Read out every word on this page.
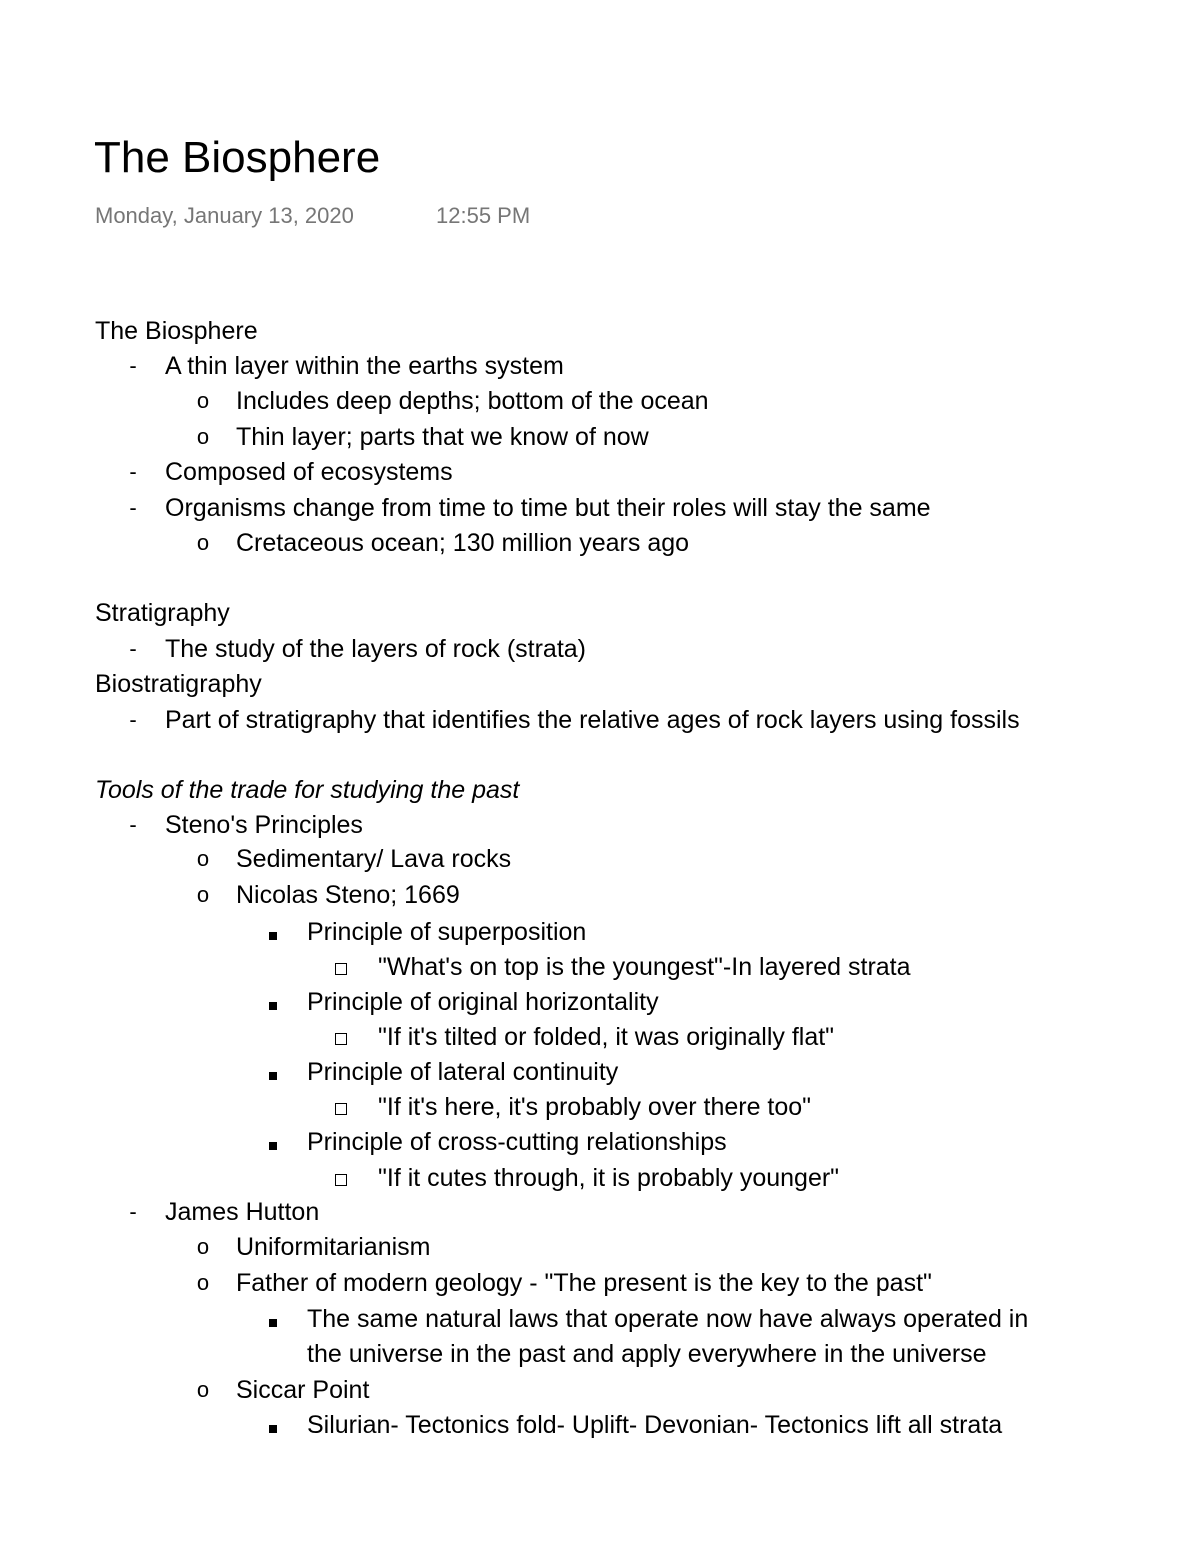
The Biosphere
Monday, January 13, 2020	12:55 PM
The Biosphere
-	A thin layer within the earths system
o	Includes deep depths; bottom of the ocean
o	Thin layer; parts that we know of now
-	Composed of ecosystems
-	Organisms change from time to time but their roles will stay the same
o	Cretaceous ocean; 130 million years ago
Stratigraphy
-	The study of the layers of rock (strata)
Biostratigraphy
-	Part of stratigraphy that identifies the relative ages of rock layers using fossils
Tools of the trade for studying the past
-	Steno's Principles
o	Sedimentary/ Lava rocks
o	Nicolas Steno; 1669
Principle of superposition
"What's on top is the youngest"-In layered strata
Principle of original horizontality
"If it's tilted or folded, it was originally flat"
Principle of lateral continuity
"If it's here, it's probably over there too"
Principle of cross-cutting relationships
"If it cutes through, it is probably younger"
-	James Hutton
o	Uniformitarianism
o	Father of modern geology - "The present is the key to the past"
The same natural laws that operate now have always operated in
the universe in the past and apply everywhere in the universe
o	Siccar Point
Silurian- Tectonics fold- Uplift- Devonian- Tectonics lift all strata
